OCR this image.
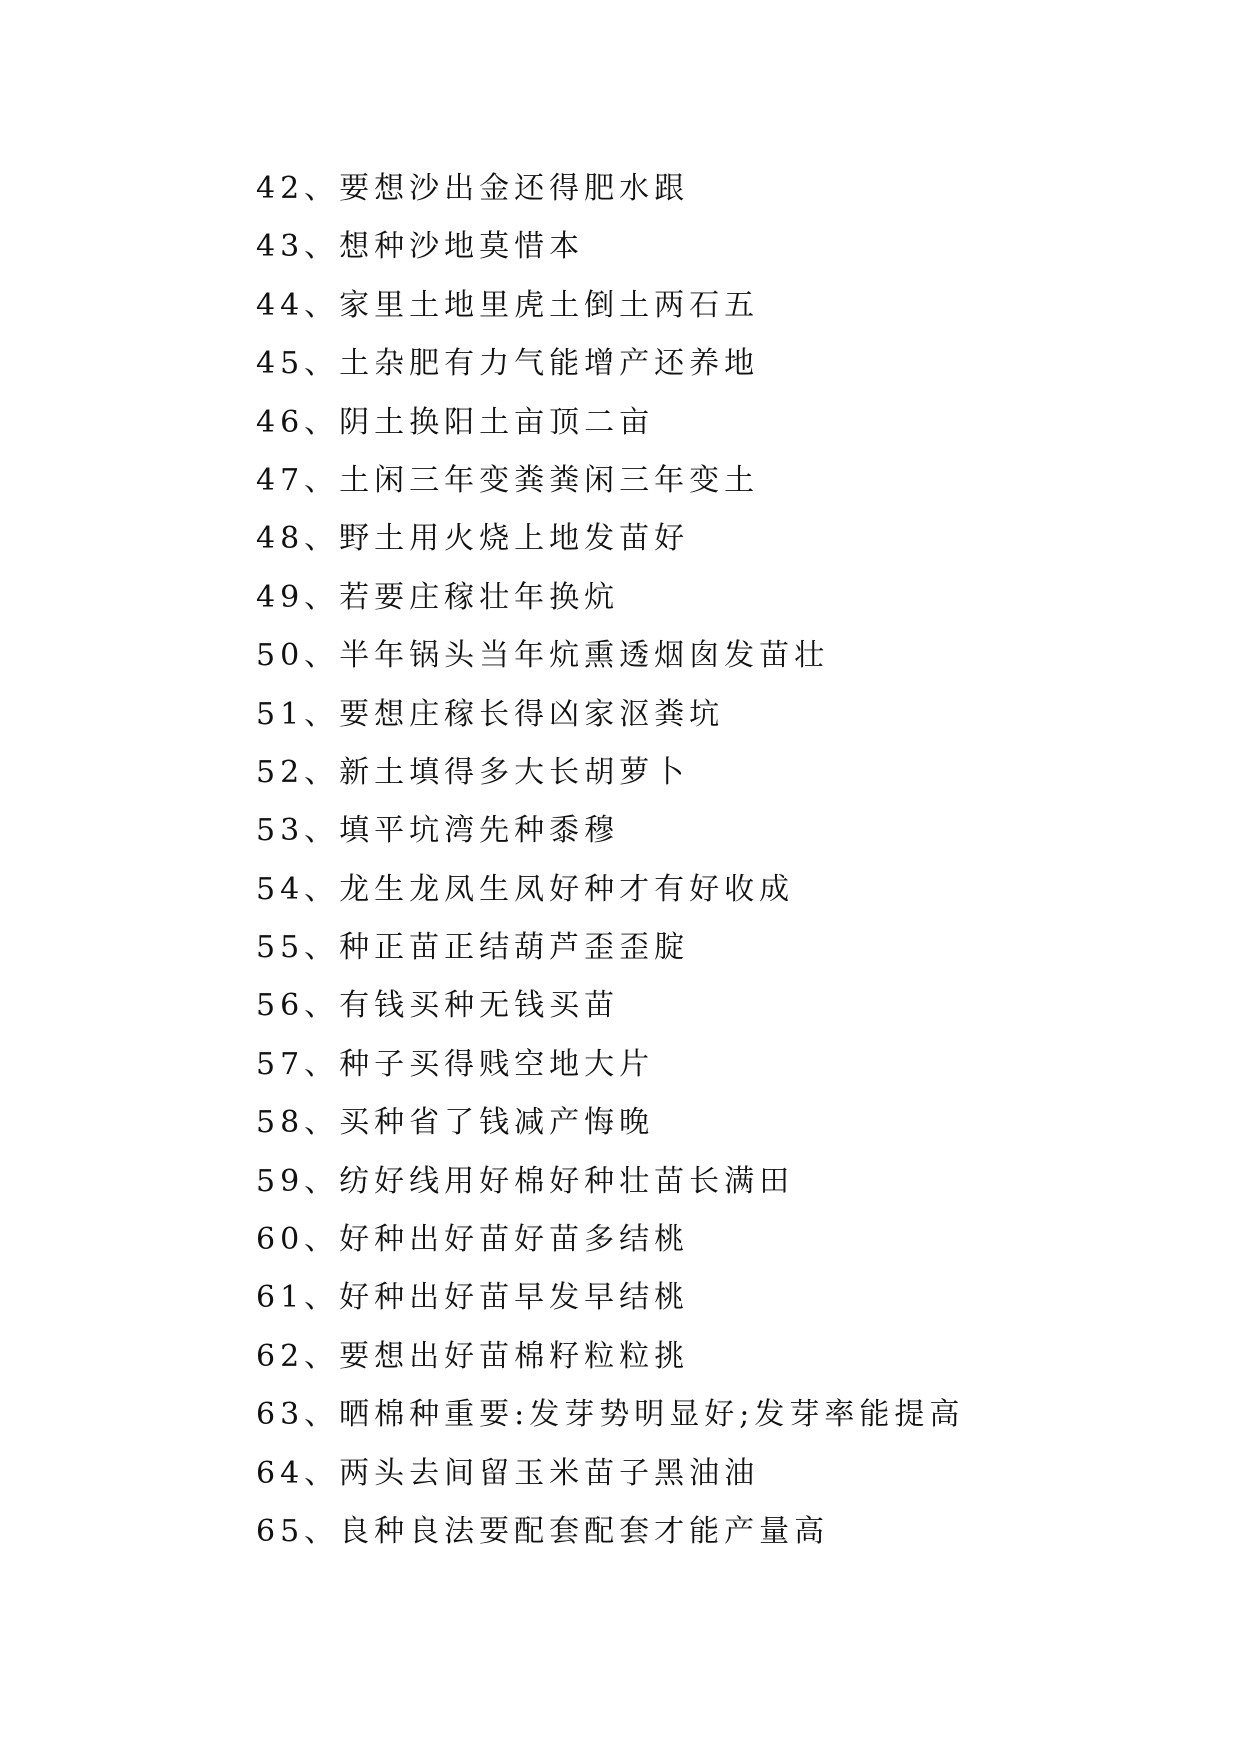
42、要想沙出金还得肥水跟
43、想种沙地莫惜本
44、家里土地里虎土倒土两石五
45、土杂肥有力气能增产还养地
46、阴土换阳土亩顶二亩
47、土闲三年变粪粪闲三年变土
48、野土用火烧上地发苗好
49、若要庄稼壮年换炕
50、半年锅头当年炕熏透烟囱发苗壮
51、要想庄稼长得凶家沤粪坑
52、新土填得多大长胡萝卜
53、填平坑湾先种黍穆
54、龙生龙凤生凤好种才有好收成
55、种正苗正结葫芦歪歪腚
56、有钱买种无钱买苗
57、种子买得贱空地大片
58、买种省了钱减产悔晚
59、纺好线用好棉好种壮苗长满田
60、好种出好苗好苗多结桃
61、好种出好苗早发早结桃
62、要想出好苗棉籽粒粒挑
63、晒棉种重要:发芽势明显好;发芽率能提高
64、两头去间留玉米苗子黑油油
65、良种良法要配套配套才能产量高
